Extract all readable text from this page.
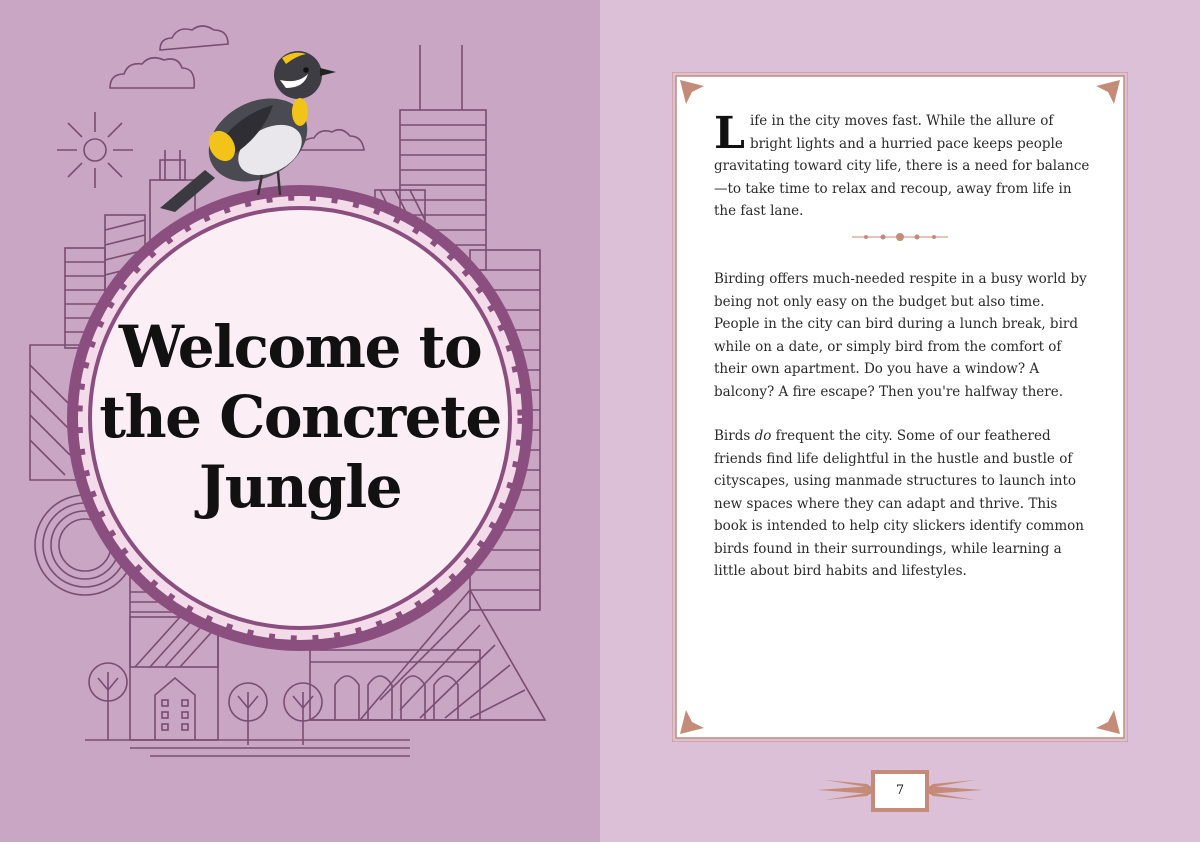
Welcome to
the Concrete
Jungle

Life in the city moves fast. While the allure of bright lights and a hurried pace keeps people gravitating toward city life, there is a need for balance—to take time to relax and recoup, away from life in the fast lane.

Birding offers much-needed respite in a busy world by being not only easy on the budget but also time. People in the city can bird during a lunch break, bird while on a date, or simply bird from the comfort of their own apartment. Do you have a window? A balcony? A fire escape? Then you're halfway there.

Birds do frequent the city. Some of our feathered friends find life delightful in the hustle and bustle of cityscapes, using manmade structures to launch into new spaces where they can adapt and thrive. This book is intended to help city slickers identify common birds found in their surroundings, while learning a little about bird habits and lifestyles.

7
